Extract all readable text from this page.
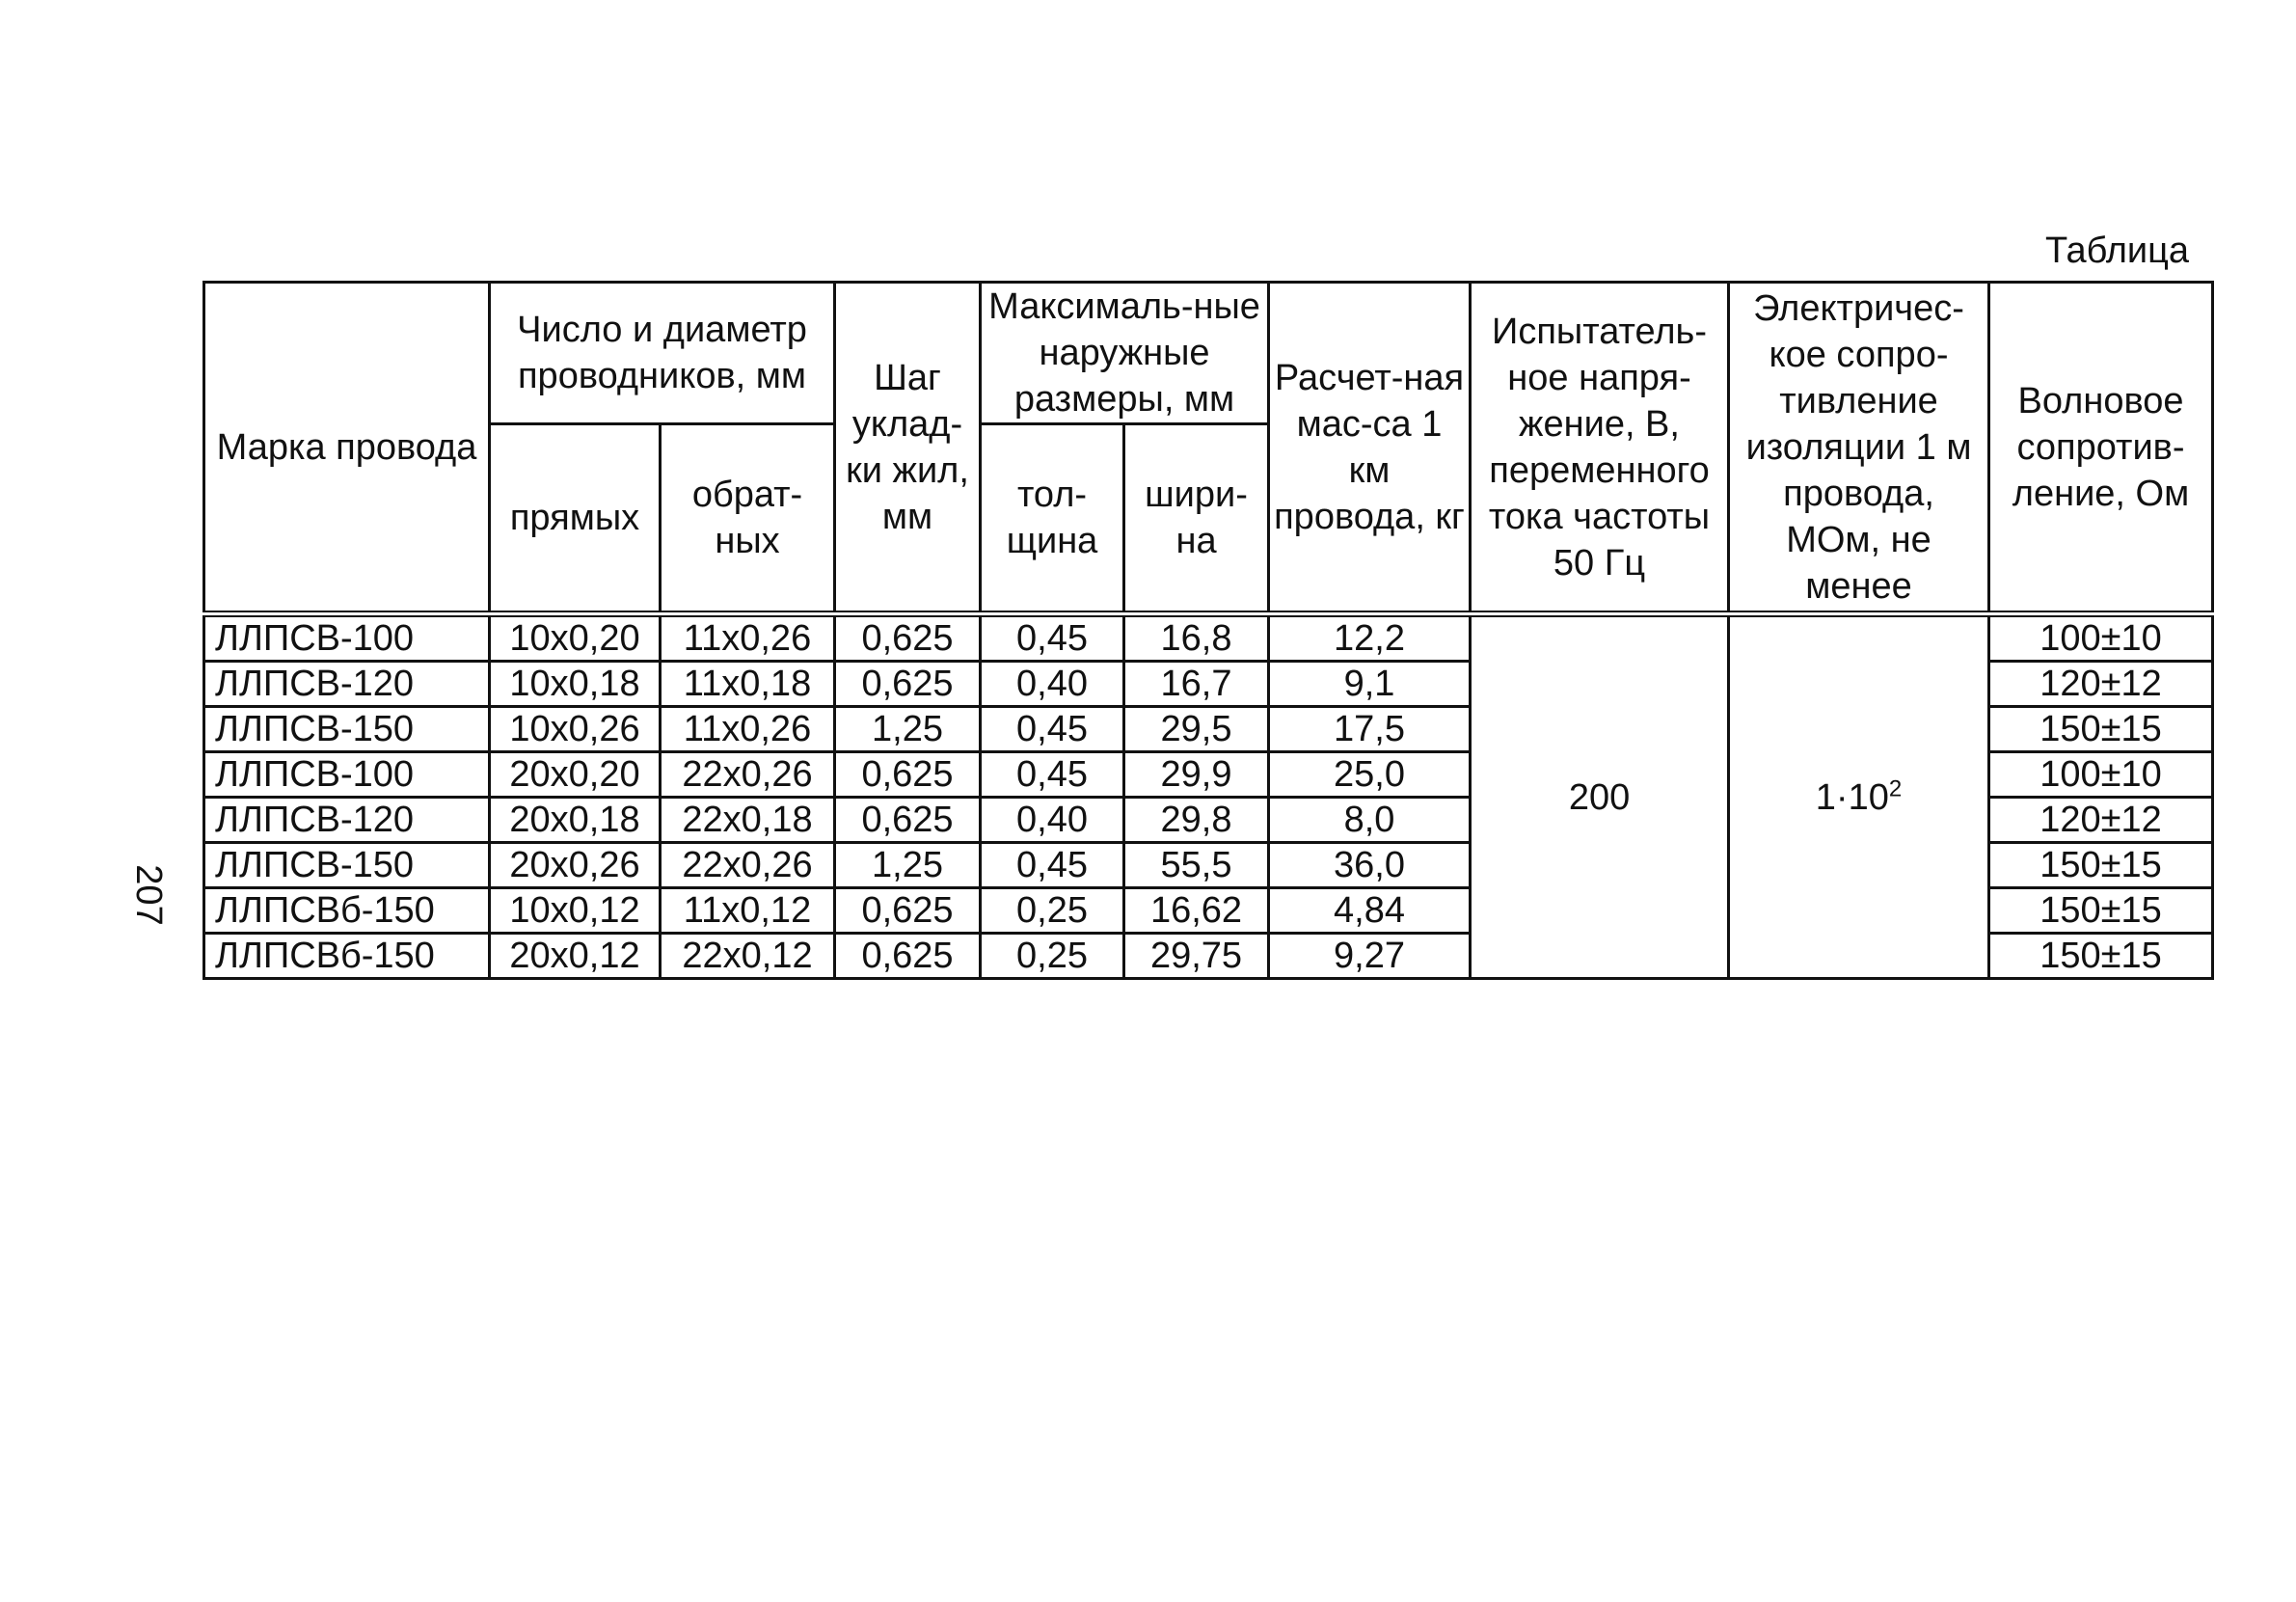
Таблица
207
Марка провода	Число и диаметр проводников, мм		Шаг уклад-ки жил, мм	Максималь-ные наружные размеры, мм		Расчет-ная мас-са 1 км провода, кг	Испытатель-ное напря-жение, В, переменного тока частоты 50 Гц	Электричес-кое сопро-тивление изоляции 1 м провода, МОм, не менее	Волновое сопротив-ление, Ом
	прямых	обрат-ных		тол-щина	шири-на				
ЛЛПСВ-100	10х0,20	11х0,26	0,625	0,45	16,8	12,2	200	$1\cdot 10^2$	100±10
ЛЛПСВ-120	10х0,18	11х0,18	0,625	0,40	16,7	9,1			120±12
ЛЛПСВ-150	10х0,26	11х0,26	1,25	0,45	29,5	17,5			150±15
ЛЛПСВ-100	20х0,20	22х0,26	0,625	0,45	29,9	25,0			100±10
ЛЛПСВ-120	20х0,18	22х0,18	0,625	0,40	29,8	8,0			120±12
ЛЛПСВ-150	20х0,26	22х0,26	1,25	0,45	55,5	36,0			150±15
ЛЛПСВб-150	10х0,12	11х0,12	0,625	0,25	16,62	4,84			150±15
ЛЛПСВб-150	20х0,12	22х0,12	0,625	0,25	29,75	9,27			150±15
